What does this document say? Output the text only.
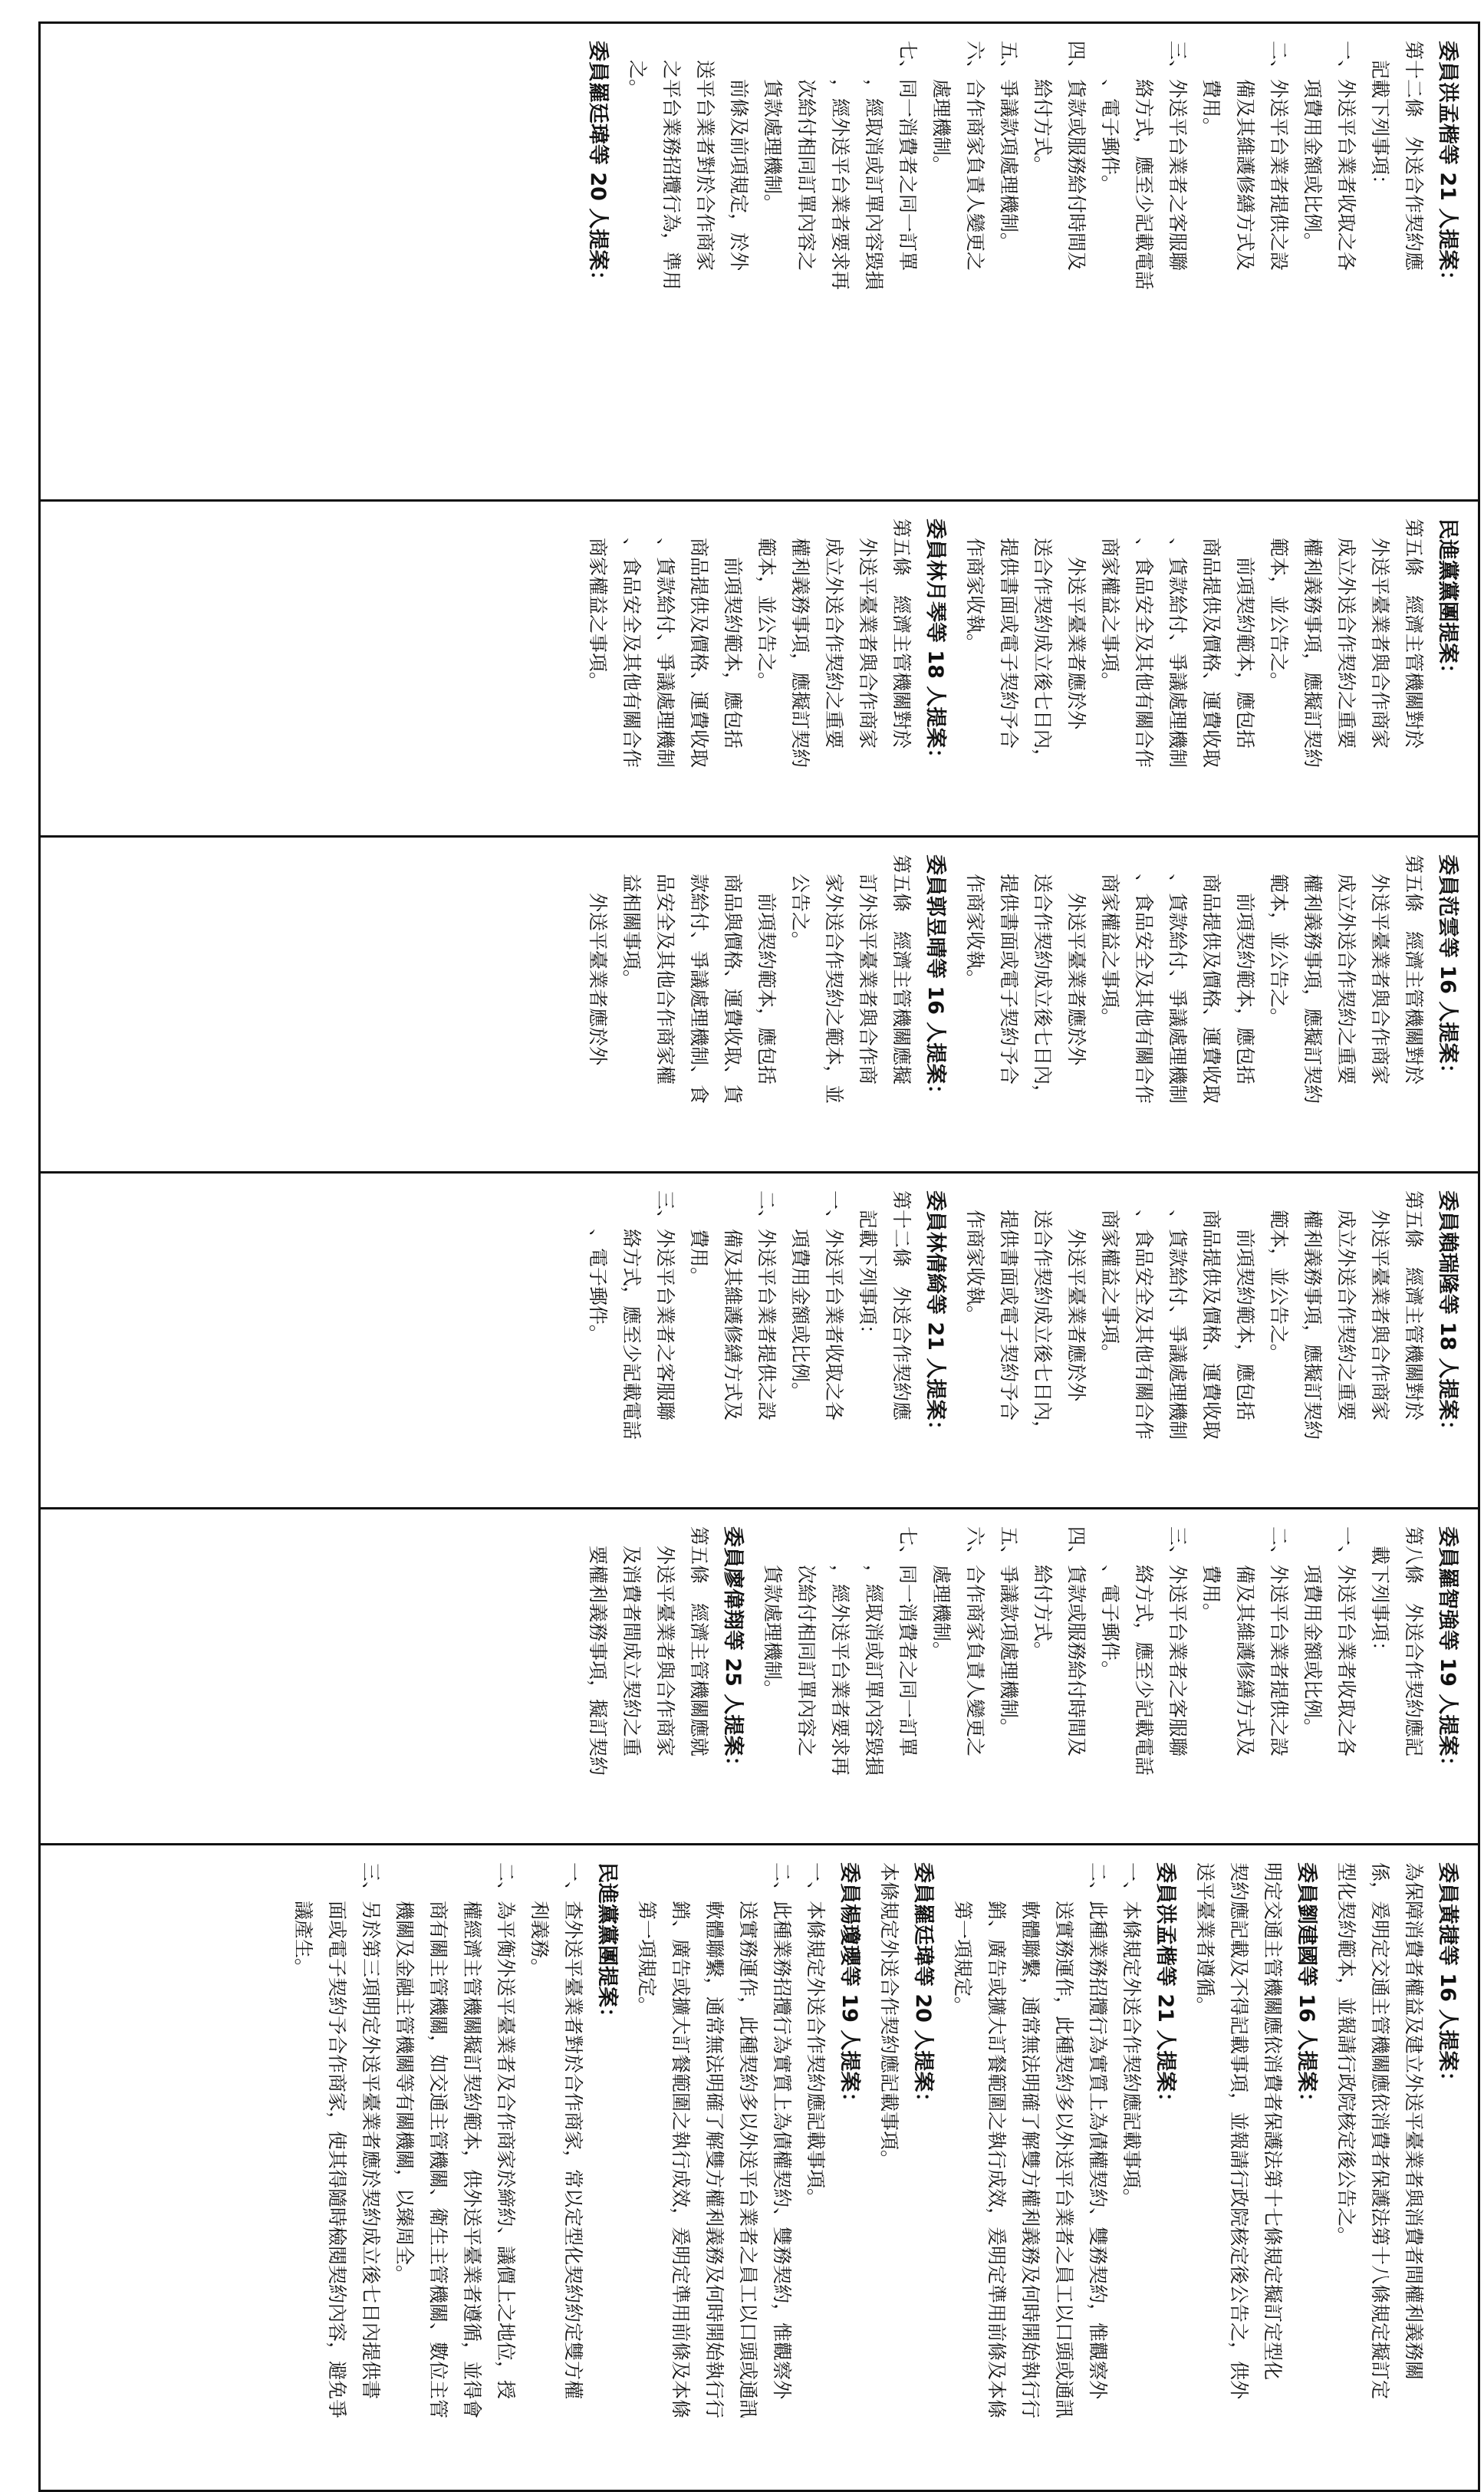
委員洪孟楷等 21 人提案：
第十二條　外送合作契約應
　記載下列事項：
一、外送平台業者收取之各
　　項費用金額或比例。
二、外送平台業者提供之設
　　備及其維護修繕方式及
　　費用。
三、外送平台業者之客服聯
　　絡方式，應至少記載電話
　　、電子郵件。
四、貨款或服務給付時間及
　　給付方式。
五、爭議款項處理機制。
六、合作商家負責人變更之
　　處理機制。
七、同一消費者之同一訂單
　　，經取消或訂單內容毀損
　　，經外送平台業者要求再
　　次給付相同訂單內容之
　　貨款處理機制。
　　前條及前項規定，於外
　送平台業者對於合作商家
　之平台業務招攬行為，準用
　之。
委員羅廷瑋等 20 人提案：

民進黨黨團提案：
第五條　經濟主管機關對於
　外送平臺業者與合作商家
　成立外送合作契約之重要
　權利義務事項，應擬訂契約
　範本，並公告之。
　　前項契約範本，應包括
　商品提供及價格、運費收取
　、貨款給付、爭議處理機制
　、食品安全及其他有關合作
　商家權益之事項。
　　外送平臺業者應於外
　送合作契約成立後七日內，
　提供書面或電子契約予合
　作商家收執。
委員林月琴等 18 人提案：
第五條　經濟主管機關對於
　外送平臺業者與合作商家
　成立外送合作契約之重要
　權利義務事項，應擬訂契約
　範本，並公告之。
　　前項契約範本，應包括
　商品提供及價格、運費收取
　、貨款給付、爭議處理機制
　、食品安全及其他有關合作
　商家權益之事項。

委員范雲等 16 人提案：
第五條　經濟主管機關對於
　外送平臺業者與合作商家
　成立外送合作契約之重要
　權利義務事項，應擬訂契約
　範本，並公告之。
　　前項契約範本，應包括
　商品提供及價格、運費收取
　、貨款給付、爭議處理機制
　、食品安全及其他有關合作
　商家權益之事項。
　　外送平臺業者應於外
　送合作契約成立後七日內，
　提供書面或電子契約予合
　作商家收執。
委員郭昱晴等 16 人提案：
第五條　經濟主管機關應擬
　訂外送平臺業者與合作商
　家外送合作契約之範本，並
　公告之。
　　前項契約範本，應包括
　商品與價格、運費收取、貨
　款給付、爭議處理機制、食
　品安全及其他合作商家權
　益相關事項。
　　外送平臺業者應於外

委員賴瑞隆等 18 人提案：
第五條　經濟主管機關對於
　外送平臺業者與合作商家
　成立外送合作契約之重要
　權利義務事項，應擬訂契約
　範本，並公告之。
　　前項契約範本，應包括
　商品提供及價格、運費收取
　、貨款給付、爭議處理機制
　、食品安全及其他有關合作
　商家權益之事項。
　　外送平臺業者應於外
　送合作契約成立後七日內，
　提供書面或電子契約予合
　作商家收執。
委員林倩綺等 21 人提案：
第十二條　外送合作契約應
　記載下列事項：
一、外送平台業者收取之各
　　項費用金額或比例。
二、外送平台業者提供之設
　　備及其維護修繕方式及
　　費用。
三、外送平台業者之客服聯
　　絡方式，應至少記載電話
　　、電子郵件。

委員羅智強等 19 人提案：
第八條　外送合作契約應記
　載下列事項：
一、外送平台業者收取之各
　　項費用金額或比例。
二、外送平台業者提供之設
　　備及其維護修繕方式及
　　費用。
三、外送平台業者之客服聯
　　絡方式，應至少記載電話
　　、電子郵件。
四、貨款或服務給付時間及
　　給付方式。
五、爭議款項處理機制。
六、合作商家負責人變更之
　　處理機制。
七、同一消費者之同一訂單
　　，經取消或訂單內容毀損
　　，經外送平台業者要求再
　　次給付相同訂單內容之
　　貨款處理機制。
委員廖偉翔等 25 人提案：
第五條　經濟主管機關應就
　外送平臺業者與合作商家
　及消費者間成立契約之重
　要權利義務事項，擬訂契約

委員黃捷等 16 人提案：
為保障消費者權益及建立外送平臺業者與消費者間權利義務關
係，爰明定交通主管機關應依消費者保護法第十八條規定擬訂定
型化契約範本，並報請行政院核定後公告之。
委員劉建國等 16 人提案：
明定交通主管機關應依消費者保護法第十七條規定擬訂定型化
契約應記載及不得記載事項，並報請行政院核定後公告之，供外
送平臺業者遵循。
委員洪孟楷等 21 人提案：
一、本條規定外送合作契約應記載事項。
二、此種業務招攬行為實質上為債權契約、雙務契約，惟觀察外
　　送實務運作，此種契約多以外送平台業者之員工以口頭或通訊
　　軟體聯繫，通常無法明確了解雙方權利義務及何時開始執行行
　　銷、廣告或擴大訂餐範圍之執行成效，爰明定準用前條及本條
　　第一項規定。
委員羅廷瑋等 20 人提案：
本條規定外送合作契約應記載事項。
委員楊瓊瓔等 19 人提案：
一、本條規定外送合作契約應記載事項。
二、此種業務招攬行為實質上為債權契約、雙務契約，惟觀察外
　　送實務運作，此種契約多以外送平台業者之員工以口頭或通訊
　　軟體聯繫，通常無法明確了解雙方權利義務及何時開始執行行
　　銷、廣告或擴大訂餐範圍之執行成效，爰明定準用前條及本條
　　第一項規定。
民進黨黨團提案：
一、查外送平臺業者對於合作商家，常以定型化契約約定雙方權
　　利義務。
二、為平衡外送平臺業者及合作商家於締約、議價上之地位，授
　　權經濟主管機關擬訂契約範本，供外送平臺業者遵循，並得會
　　商有關主管機關，如交通主管機關、衛生主管機關、數位主管
　　機關及金融主管機關等有關機關，以臻周全。
三、另於第三項明定外送平臺業者應於契約成立後七日內提供書
　　面或電子契約予合作商家，使其得隨時檢閱契約內容，避免爭
　　議產生。
